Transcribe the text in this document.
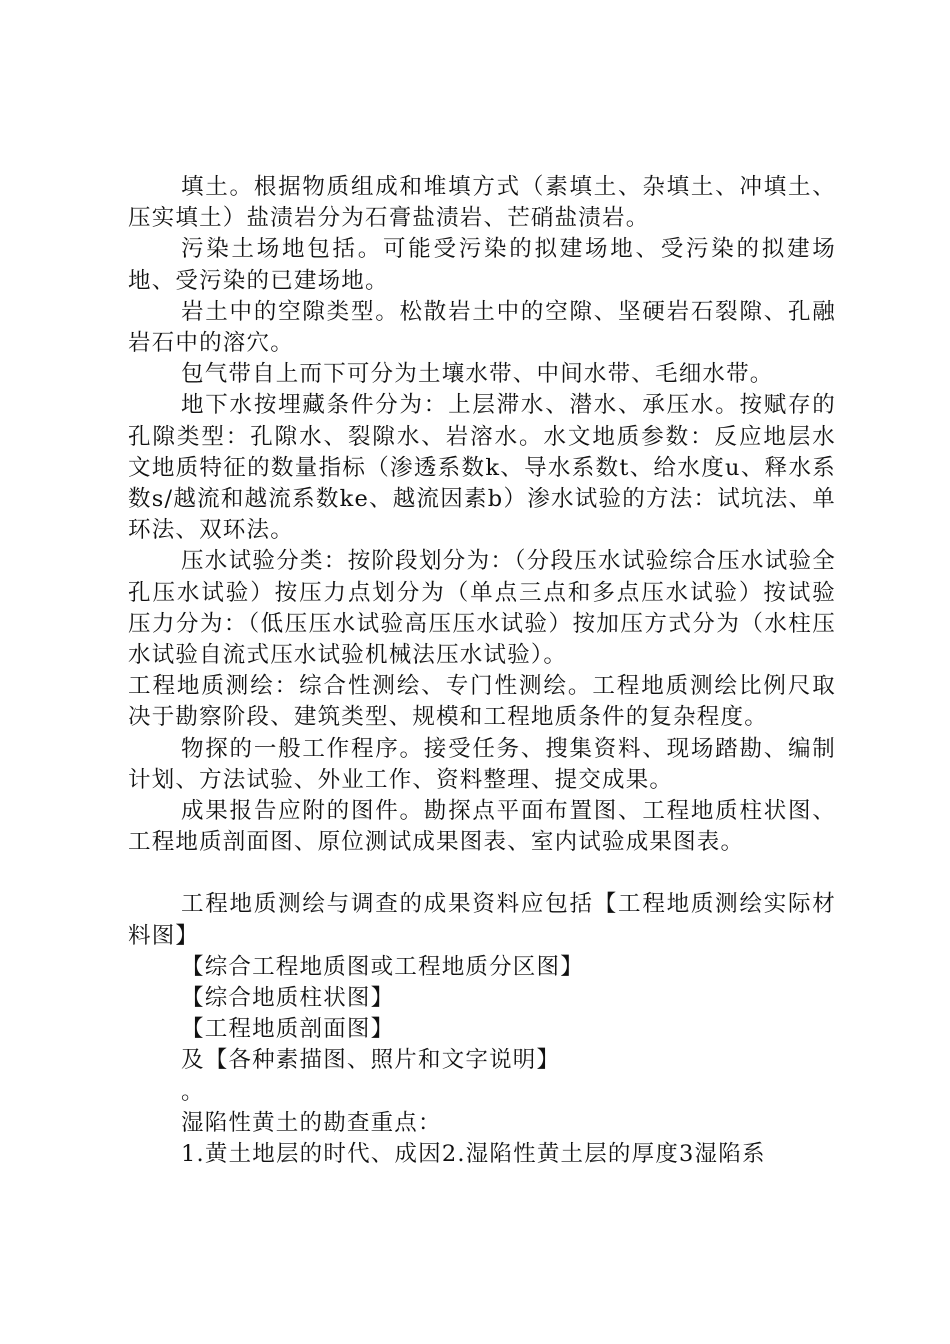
填土。根据物质组成和堆填方式（素填土、杂填土、冲填土、压实填土）盐渍岩分为石膏盐渍岩、芒硝盐渍岩。

污染土场地包括。可能受污染的拟建场地、受污染的拟建场地、受污染的已建场地。

岩土中的空隙类型。松散岩土中的空隙、坚硬岩石裂隙、孔融岩石中的溶穴。

包气带自上而下可分为土壤水带、中间水带、毛细水带。

地下水按埋藏条件分为：上层滞水、潜水、承压水。按赋存的孔隙类型：孔隙水、裂隙水、岩溶水。水文地质参数：反应地层水文地质特征的数量指标（渗透系数k、导水系数t、给水度u、释水系数s/越流和越流系数ke、越流因素b）渗水试验的方法：试坑法、单环法、双环法。

压水试验分类：按阶段划分为：（分段压水试验综合压水试验全孔压水试验）按压力点划分为（单点三点和多点压水试验）按试验压力分为：（低压压水试验高压压水试验）按加压方式分为（水柱压水试验自流式压水试验机械法压水试验）。

工程地质测绘：综合性测绘、专门性测绘。工程地质测绘比例尺取决于勘察阶段、建筑类型、规模和工程地质条件的复杂程度。

物探的一般工作程序。接受任务、搜集资料、现场踏勘、编制计划、方法试验、外业工作、资料整理、提交成果。

成果报告应附的图件。勘探点平面布置图、工程地质柱状图、工程地质剖面图、原位测试成果图表、室内试验成果图表。

工程地质测绘与调查的成果资料应包括【工程地质测绘实际材料图】

【综合工程地质图或工程地质分区图】

【综合地质柱状图】

【工程地质剖面图】

及【各种素描图、照片和文字说明】

。

湿陷性黄土的勘查重点：

1.黄土地层的时代、成因2.湿陷性黄土层的厚度3湿陷系
